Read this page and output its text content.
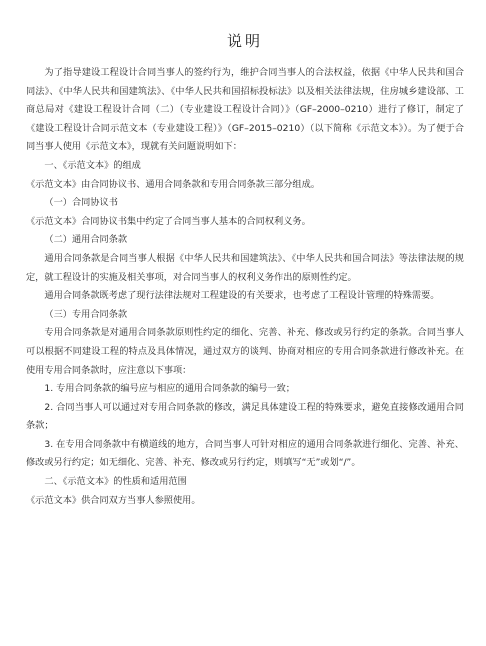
说明

为了指导建设工程设计合同当事人的签约行为，维护合同当事人的合法权益，依据《中华人民共和国合同法》、《中华人民共和国建筑法》、《中华人民共和国招标投标法》以及相关法律法规，住房城乡建设部、工商总局对《建设工程设计合同（二）（专业建设工程设计合同）》（GF–2000–0210）进行了修订，制定了《建设工程设计合同示范文本（专业建设工程）》（GF–2015–0210）（以下简称《示范文本》）。为了便于合同当事人使用《示范文本》，现就有关问题说明如下：

一、《示范文本》的组成

《示范文本》由合同协议书、通用合同条款和专用合同条款三部分组成。

（一）合同协议书

《示范文本》合同协议书集中约定了合同当事人基本的合同权利义务。

（二）通用合同条款

通用合同条款是合同当事人根据《中华人民共和国建筑法》、《中华人民共和国合同法》等法律法规的规定，就工程设计的实施及相关事项，对合同当事人的权利义务作出的原则性约定。

通用合同条款既考虑了现行法律法规对工程建设的有关要求，也考虑了工程设计管理的特殊需要。

（三）专用合同条款

专用合同条款是对通用合同条款原则性约定的细化、完善、补充、修改或另行约定的条款。合同当事人可以根据不同建设工程的特点及具体情况，通过双方的谈判、协商对相应的专用合同条款进行修改补充。在使用专用合同条款时，应注意以下事项：

1. 专用合同条款的编号应与相应的通用合同条款的编号一致；

2. 合同当事人可以通过对专用合同条款的修改，满足具体建设工程的特殊要求，避免直接修改通用合同条款；

3. 在专用合同条款中有横道线的地方，合同当事人可针对相应的通用合同条款进行细化、完善、补充、修改或另行约定；如无细化、完善、补充、修改或另行约定，则填写“无”或划“/”。

二、《示范文本》的性质和适用范围

《示范文本》供合同双方当事人参照使用。
